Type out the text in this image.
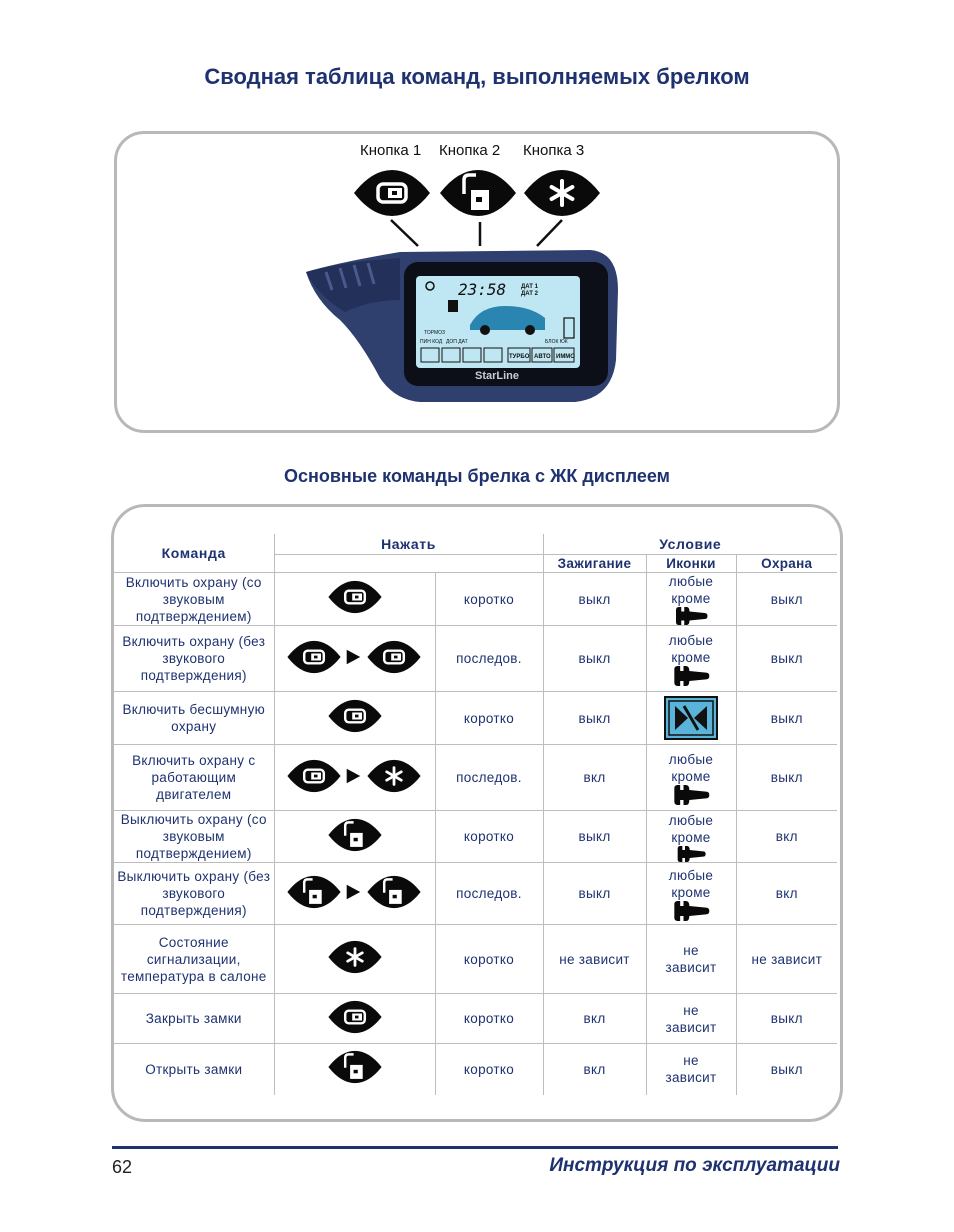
Сводная таблица команд, выполняемых брелком
Кнопка 1 Кнопка 2 Кнопка 3
23:58 ДАТ 1
ДАТ 2
ТОРМОЗ
ПИН КОД ДОП ДАТ	БЛОК ЮК
ТУРБО АВТО ИММО
StarLine
Основные команды брелка с ЖК дисплеем
Команда	Нажать		Условие		
			Зажигание	Иконки	Охрана
Включить охрану (со звуковым подтверждением)		коротко	выкл	любые кроме	выкл
Включить охрану (без звукового подтверждения)		последов.	выкл	любые кроме	выкл
Включить бесшумную охрану		коротко	выкл		выкл
Включить охрану с работающим двигателем		последов.	вкл	любые кроме	выкл
Выключить охрану (со звуковым подтверждением)		коротко	выкл	любые кроме	вкл
Выключить охрану (без звукового подтверждения)		последов.	выкл	любые кроме	вкл
Состояние сигнализации, температура в салоне		коротко	не зависит	не зависит	не зависит
Закрыть замки		коротко	вкл	не зависит	выкл
Открыть замки		коротко	вкл	не зависит	выкл
62	Инструкция по эксплуатации
